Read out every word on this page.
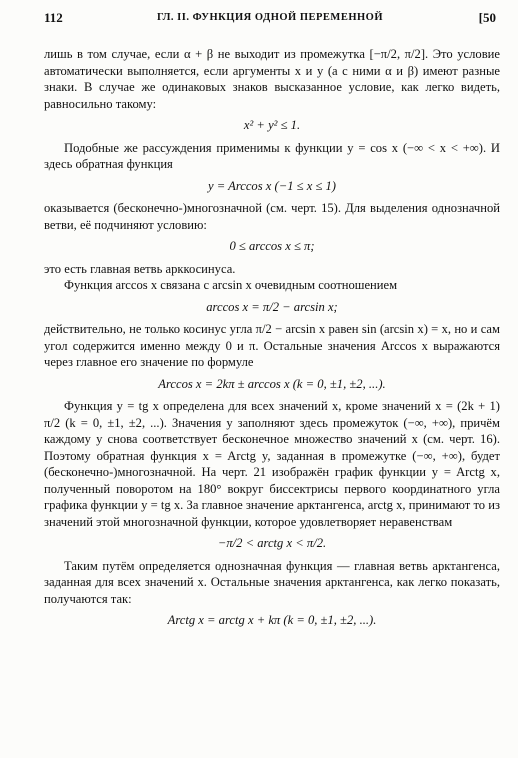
112	ГЛ. II. ФУНКЦИЯ ОДНОЙ ПЕРЕМЕННОЙ	[50

лишь в том случае, если α + β не выходит из промежутка [−π/2, π/2]. Это условие автоматически выполняется, если аргументы x и y (а с ними α и β) имеют разные знаки. В случае же одинаковых знаков высказанное условие, как легко видеть, равносильно такому:

x² + y² ≤ 1.

Подобные же рассуждения применимы к функции y = cos x (−∞ < x < +∞). И здесь обратная функция

y = Arccos x (−1 ≤ x ≤ 1)

оказывается (бесконечно-)многозначной (см. черт. 15). Для выделения однозначной ветви, её подчиняют условию:

0 ≤ arccos x ≤ π;

это есть главная ветвь арккосинуса.

Функция arccos x связана с arcsin x очевидным соотношением

arccos x = π/2 − arcsin x;

действительно, не только косинус угла π/2 − arcsin x равен sin (arcsin x) = x, но и сам угол содержится именно между 0 и π. Остальные значения Arccos x выражаются через главное его значение по формуле

Arccos x = 2kπ ± arccos x (k = 0, ±1, ±2, ...).

Функция y = tg x определена для всех значений x, кроме значений x = (2k + 1) π/2 (k = 0, ±1, ±2, ...). Значения y заполняют здесь промежуток (−∞, +∞), причём каждому y снова соответствует бесконечное множество значений x (см. черт. 16). Поэтому обратная функция x = Arctg y, заданная в промежутке (−∞, +∞), будет (бесконечно-)многозначной. На черт. 21 изображён график функции y = Arctg x, полученный поворотом на 180° вокруг биссектрисы первого координатного угла графика функции y = tg x. За главное значение арктангенса, arctg x, принимают то из значений этой многозначной функции, которое удовлетворяет неравенствам

−π/2 < arctg x < π/2.

Таким путём определяется однозначная функция — главная ветвь арктангенса, заданная для всех значений x. Остальные значения арктангенса, как легко показать, получаются так:

Arctg x = arctg x + kπ (k = 0, ±1, ±2, ...).
